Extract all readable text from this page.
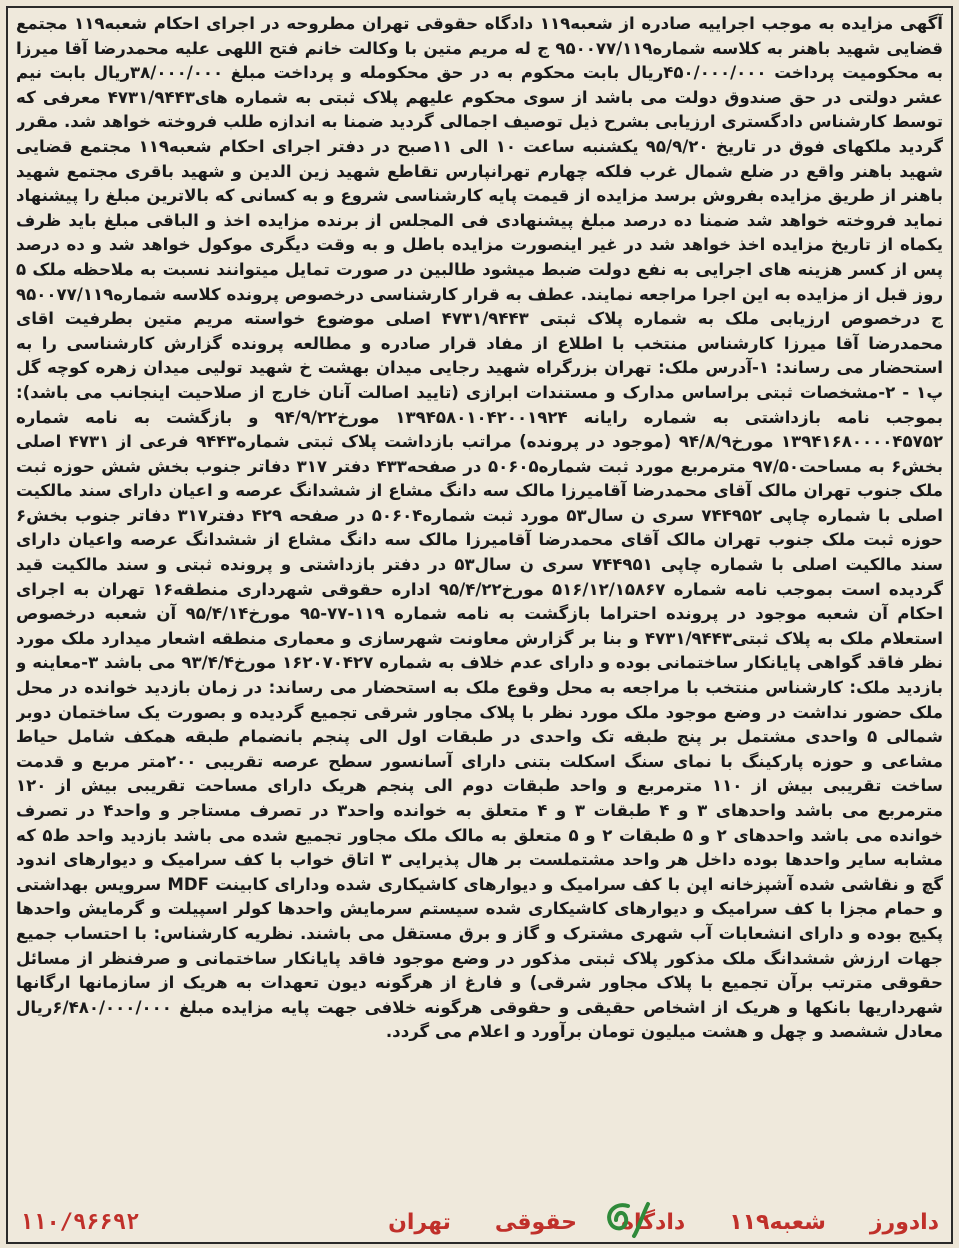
آگهی مزایده به موجب اجراییه صادره از شعبه۱۱۹ دادگاه حقوقی تهران مطروحه در اجرای احکام شعبه۱۱۹ مجتمع قضایی شهید باهنر به کلاسه شماره۹۵۰۰۷۷/۱۱۹ ج له مریم متین با وکالت خانم فتح اللهی علیه محمدرضا آقا میرزا به محکومیت پرداخت ۴۵۰/۰۰۰/۰۰۰ریال بابت محکوم به در حق محکومله و پرداخت مبلغ ۳۸/۰۰۰/۰۰۰ریال بابت نیم عشر دولتی در حق صندوق دولت می باشد از سوی محکوم علیهم پلاک ثبتی به شماره های۴۷۳۱/۹۴۴۳ معرفی که توسط کارشناس دادگستری ارزیابی بشرح ذیل توصیف اجمالی گردید ضمنا به اندازه طلب فروخته خواهد شد. مقرر گردید ملکهای فوق در تاریخ ۹۵/۹/۲۰ یکشنبه ساعت ۱۰ الی ۱۱صبح در دفتر اجرای احکام شعبه۱۱۹ مجتمع قضایی شهید باهنر واقع در ضلع شمال غرب فلکه چهارم تهرانپارس تقاطع شهید زین الدین و شهید باقری مجتمع شهید باهنر از طریق مزایده بفروش برسد مزایده از قیمت پایه کارشناسی شروع و به کسانی که بالاترین مبلغ را پیشنهاد نماید فروخته خواهد شد ضمنا ده درصد مبلغ پیشنهادی فی المجلس از برنده مزایده اخذ و الباقی مبلغ باید ظرف یکماه از تاریخ مزایده اخذ خواهد شد در غیر اینصورت مزایده باطل و به وقت دیگری موکول خواهد شد و ده درصد پس از کسر هزینه های اجرایی به نفع دولت ضبط میشود طالبین در صورت تمایل میتوانند نسبت به ملاحظه ملک ۵ روز قبل از مزایده به این اجرا مراجعه نمایند. عطف به قرار کارشناسی درخصوص پرونده کلاسه شماره۹۵۰۰۷۷/۱۱۹ ج درخصوص ارزیابی ملک به شماره پلاک ثبتی ۴۷۳۱/۹۴۴۳ اصلی موضوع خواسته مریم متین بطرفیت اقای محمدرضا آقا میرزا کارشناس منتخب با اطلاع از مفاد قرار صادره و مطالعه پرونده گزارش کارشناسی را به استحضار می رساند: ۱-آدرس ملک: تهران بزرگراه شهید رجایی میدان بهشت خ شهید تولیی میدان زهره کوچه گل پ۱ - ۲-مشخصات ثبتی براساس مدارک و مستندات ابرازی (تایید اصالت آنان خارج از صلاحیت اینجانب می باشد): بموجب نامه بازداشتی به شماره رایانه ۱۳۹۴۵۸۰۱۰۴۲۰۰۱۹۲۴ مورخ۹۴/۹/۲۲ و بازگشت به نامه شماره ۱۳۹۴۱۶۸۰۰۰۰۴۵۷۵۲ مورخ۹۴/۸/۹ (موجود در پرونده) مراتب بازداشت پلاک ثبتی شماره۹۴۴۳ فرعی از ۴۷۳۱ اصلی بخش۶ به مساحت۹۷/۵۰ مترمربع مورد ثبت شماره۵۰۶۰۵ در صفحه۴۳۳ دفتر ۳۱۷ دفاتر جنوب بخش شش حوزه ثبت ملک جنوب تهران مالک آقای محمدرضا آقامیرزا مالک سه دانگ مشاع از ششدانگ عرصه و اعیان دارای سند مالکیت اصلی با شماره چاپی ۷۴۴۹۵۲ سری ن سال۵۳ مورد ثبت شماره۵۰۶۰۴ در صفحه ۴۲۹ دفتر۳۱۷ دفاتر جنوب بخش۶ حوزه ثبت ملک جنوب تهران مالک آقای محمدرضا آقامیرزا مالک سه دانگ مشاع از ششدانگ عرصه واعیان دارای سند مالکیت اصلی با شماره چاپی ۷۴۴۹۵۱ سری ن سال۵۳ در دفتر بازداشتی و پرونده ثبتی و سند مالکیت قید گردیده است بموجب نامه شماره ۵۱۶/۱۲/۱۵۸۶۷ مورخ۹۵/۴/۲۲ اداره حقوقی شهرداری منطقه۱۶ تهران به اجرای احکام آن شعبه موجود در پرونده احتراما بازگشت به نامه شماره ۱۱۹-۷۷-۹۵ مورخ۹۵/۴/۱۴ آن شعبه درخصوص استعلام ملک به پلاک ثبتی۴۷۳۱/۹۴۴۳ و بنا بر گزارش معاونت شهرسازی و معماری منطقه اشعار میدارد ملک مورد نظر فاقد گواهی پایانکار ساختمانی بوده و دارای عدم خلاف به شماره ۱۶۲۰۷۰۴۲۷ مورخ۹۳/۴/۴ می باشد ۳-معاینه و بازدید ملک: کارشناس منتخب با مراجعه به محل وقوع ملک به استحضار می رساند: در زمان بازدید خوانده در محل ملک حضور نداشت در وضع موجود ملک مورد نظر با پلاک مجاور شرقی تجمیع گردیده و بصورت یک ساختمان دوبر شمالی ۵ واحدی مشتمل بر پنج طبقه تک واحدی در طبقات اول الی پنجم بانضمام طبقه همکف شامل حیاط مشاعی و حوزه پارکینگ با نمای سنگ اسکلت بتنی دارای آسانسور سطح عرصه تقریبی ۲۰۰متر مربع و قدمت ساخت تقریبی بیش از ۱۱۰ مترمربع و واحد طبقات دوم الی پنجم هریک دارای مساحت تقریبی بیش از ۱۲۰ مترمربع می باشد واحدهای ۳ و ۴ طبقات ۳ و ۴ متعلق به خوانده واحد۳ در تصرف مستاجر و واحد۴ در تصرف خوانده می باشد واحدهای ۲ و ۵ طبقات ۲ و ۵ متعلق به مالک ملک مجاور تجمیع شده می باشد بازدید واحد ط۵ که مشابه سایر واحدها بوده داخل هر واحد مشتملست بر هال پذیرایی ۳ اتاق خواب با کف سرامیک و دیوارهای اندود گچ و نقاشی شده آشپزخانه اپن با کف سرامیک و دیوارهای کاشیکاری شده ودارای کابینت MDF سرویس بهداشتی و حمام مجزا با کف سرامیک و دیوارهای کاشیکاری شده سیستم سرمایش واحدها کولر اسپیلت و گرمایش واحدها پکیج بوده و دارای انشعابات آب شهری مشترک و گاز و برق مستقل می باشند. نظریه کارشناس: با احتساب جمیع جهات ارزش ششدانگ ملک مذکور پلاک ثبتی مذکور در وضع موجود فاقد پایانکار ساختمانی و صرفنظر از مسائل حقوقی مترتب برآن تجمیع با پلاک مجاور شرقی) و فارغ از هرگونه دیون تعهدات به هریک از سازمانها ارگانها شهرداریها بانکها و هریک از اشخاص حقیقی و حقوقی هرگونه خلافی جهت پایه مزایده مبلغ ۶/۴۸۰/۰۰۰/۰۰۰ریال معادل ششصد و چهل و هشت میلیون تومان برآورد و اعلام می گردد.

دادورز
شعبه۱۱۹
دادگاه
حقوقی
تهران
۱۱۰/۹۶۶۹۲
